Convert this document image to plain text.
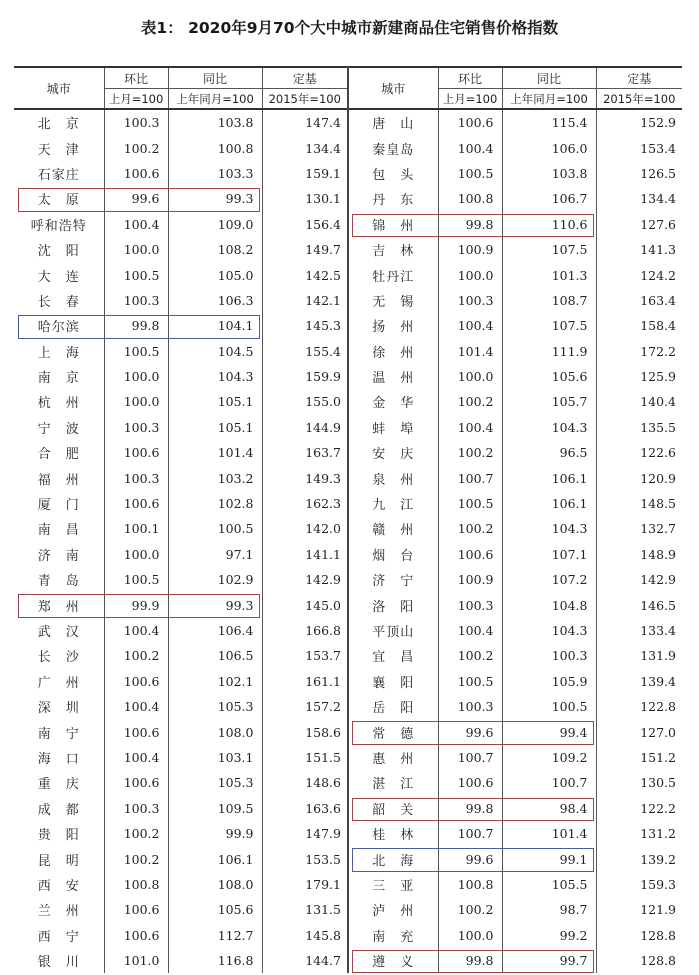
表1： 2020年9月70个大中城市新建商品住宅销售价格指数
城市	环比	同比	定基	城市	环比	同比	定基
	上月=100	上年同月=100	2015年=100		上月=100	上年同月=100	2015年=100
北　京	100.3	103.8	147.4	唐　山	100.6	115.4	152.9
天　津	100.2	100.8	134.4	秦皇岛	100.4	106.0	153.4
石家庄	100.6	103.3	159.1	包　头	100.5	103.8	126.5
太　原	99.6	99.3	130.1	丹　东	100.8	106.7	134.4
呼和浩特	100.4	109.0	156.4	锦　州	99.8	110.6	127.6
沈　阳	100.0	108.2	149.7	吉　林	100.9	107.5	141.3
大　连	100.5	105.0	142.5	牡丹江	100.0	101.3	124.2
长　春	100.3	106.3	142.1	无　锡	100.3	108.7	163.4
哈尔滨	99.8	104.1	145.3	扬　州	100.4	107.5	158.4
上　海	100.5	104.5	155.4	徐　州	101.4	111.9	172.2
南　京	100.0	104.3	159.9	温　州	100.0	105.6	125.9
杭　州	100.0	105.1	155.0	金　华	100.2	105.7	140.4
宁　波	100.3	105.1	144.9	蚌　埠	100.4	104.3	135.5
合　肥	100.6	101.4	163.7	安　庆	100.2	96.5	122.6
福　州	100.3	103.2	149.3	泉　州	100.7	106.1	120.9
厦　门	100.6	102.8	162.3	九　江	100.5	106.1	148.5
南　昌	100.1	100.5	142.0	赣　州	100.2	104.3	132.7
济　南	100.0	97.1	141.1	烟　台	100.6	107.1	148.9
青　岛	100.5	102.9	142.9	济　宁	100.9	107.2	142.9
郑　州	99.9	99.3	145.0	洛　阳	100.3	104.8	146.5
武　汉	100.4	106.4	166.8	平顶山	100.4	104.3	133.4
长　沙	100.2	106.5	153.7	宜　昌	100.2	100.3	131.9
广　州	100.6	102.1	161.1	襄　阳	100.5	105.9	139.4
深　圳	100.4	105.3	157.2	岳　阳	100.3	100.5	122.8
南　宁	100.6	108.0	158.6	常　德	99.6	99.4	127.0
海　口	100.4	103.1	151.5	惠　州	100.7	109.2	151.2
重　庆	100.6	105.3	148.6	湛　江	100.6	100.7	130.5
成　都	100.3	109.5	163.6	韶　关	99.8	98.4	122.2
贵　阳	100.2	99.9	147.9	桂　林	100.7	101.4	131.2
昆　明	100.2	106.1	153.5	北　海	99.6	99.1	139.2
西　安	100.8	108.0	179.1	三　亚	100.8	105.5	159.3
兰　州	100.6	105.6	131.5	泸　州	100.2	98.7	121.9
西　宁	100.6	112.7	145.8	南　充	100.0	99.2	128.8
银　川	101.0	116.8	144.7	遵　义	99.8	99.7	128.8
